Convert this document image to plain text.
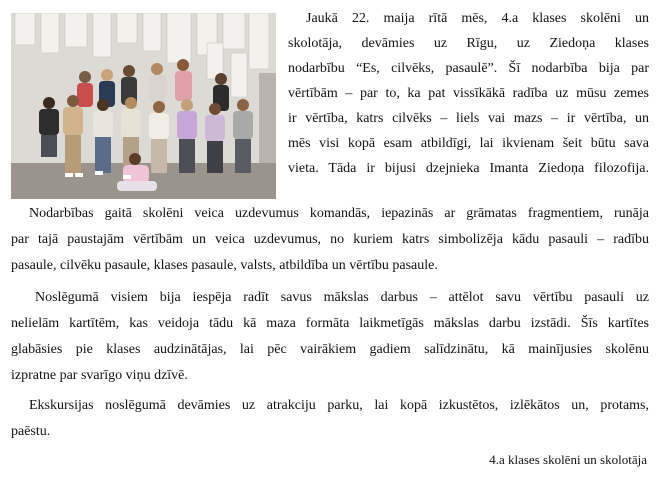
Jaukā 22. maija rītā mēs, 4.a klases skolēni un
skolotāja, devāmies uz Rīgu, uz Ziedoņa klases
nodarbību “Es, cilvēks, pasaulē”. Šī nodarbība bija par
vērtībām – par to, ka pat vissīkākā radība uz mūsu zemes
ir vērtība, katrs cilvēks – liels vai mazs – ir vērtība, un
mēs visi kopā esam atbildīgi, lai ikvienam šeit būtu sava
vieta. Tāda ir bijusi dzejnieka Imanta Ziedoņa filozofija.
Nodarbības gaitā skolēni veica uzdevumus komandās, iepazinās ar grāmatas fragmentiem, runāja
par tajā paustajām vērtībām un veica uzdevumus, no kuriem katrs simbolizēja kādu pasauli – radību
pasaule, cilvēku pasaule, klases pasaule, valsts, atbildība un vērtību pasaule.
Noslēgumā visiem bija iespēja radīt savus mākslas darbus – attēlot savu vērtību pasauli uz
nelielām kartītēm, kas veidoja tādu kā maza formāta laikmetīgās mākslas darbu izstādi. Šīs kartītes
glabāsies pie klases audzinātājas, lai pēc vairākiem gadiem salīdzinātu, kā mainījusies skolēnu
izpratne par svarīgo viņu dzīvē.
Ekskursijas noslēgumā devāmies uz atrakciju parku, lai kopā izkustētos, izlēkātos un, protams,
paēstu.
4.a klases skolēni un skolotāja
